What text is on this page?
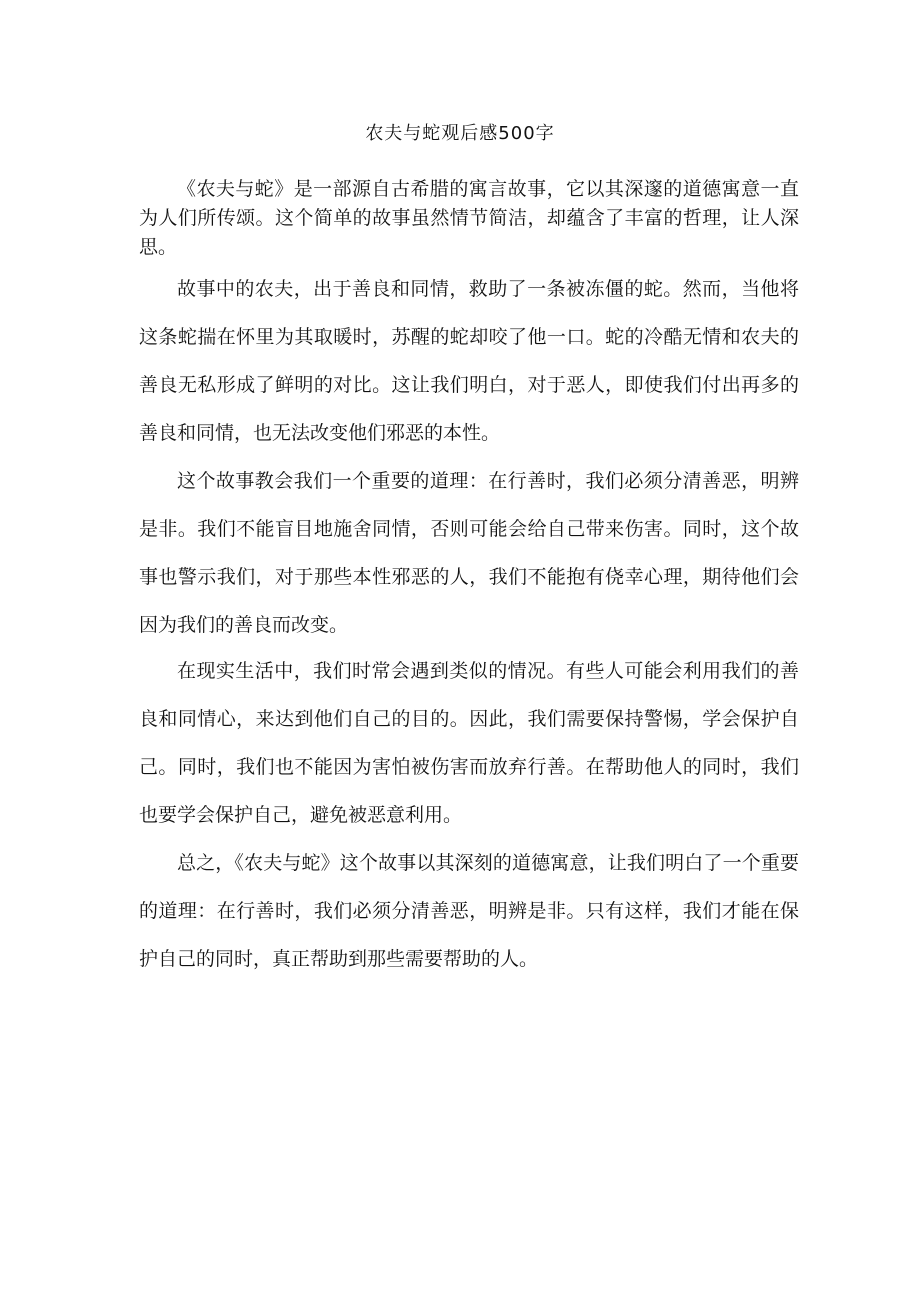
农夫与蛇观后感500字

《农夫与蛇》是一部源自古希腊的寓言故事，它以其深邃的道德寓意一直为人们所传颂。这个简单的故事虽然情节简洁，却蕴含了丰富的哲理，让人深思。

故事中的农夫，出于善良和同情，救助了一条被冻僵的蛇。然而，当他将这条蛇揣在怀里为其取暖时，苏醒的蛇却咬了他一口。蛇的冷酷无情和农夫的善良无私形成了鲜明的对比。这让我们明白，对于恶人，即使我们付出再多的善良和同情，也无法改变他们邪恶的本性。

这个故事教会我们一个重要的道理：在行善时，我们必须分清善恶，明辨是非。我们不能盲目地施舍同情，否则可能会给自己带来伤害。同时，这个故事也警示我们，对于那些本性邪恶的人，我们不能抱有侥幸心理，期待他们会因为我们的善良而改变。

在现实生活中，我们时常会遇到类似的情况。有些人可能会利用我们的善良和同情心，来达到他们自己的目的。因此，我们需要保持警惕，学会保护自己。同时，我们也不能因为害怕被伤害而放弃行善。在帮助他人的同时，我们也要学会保护自己，避免被恶意利用。

总之，《农夫与蛇》这个故事以其深刻的道德寓意，让我们明白了一个重要的道理：在行善时，我们必须分清善恶，明辨是非。只有这样，我们才能在保护自己的同时，真正帮助到那些需要帮助的人。
